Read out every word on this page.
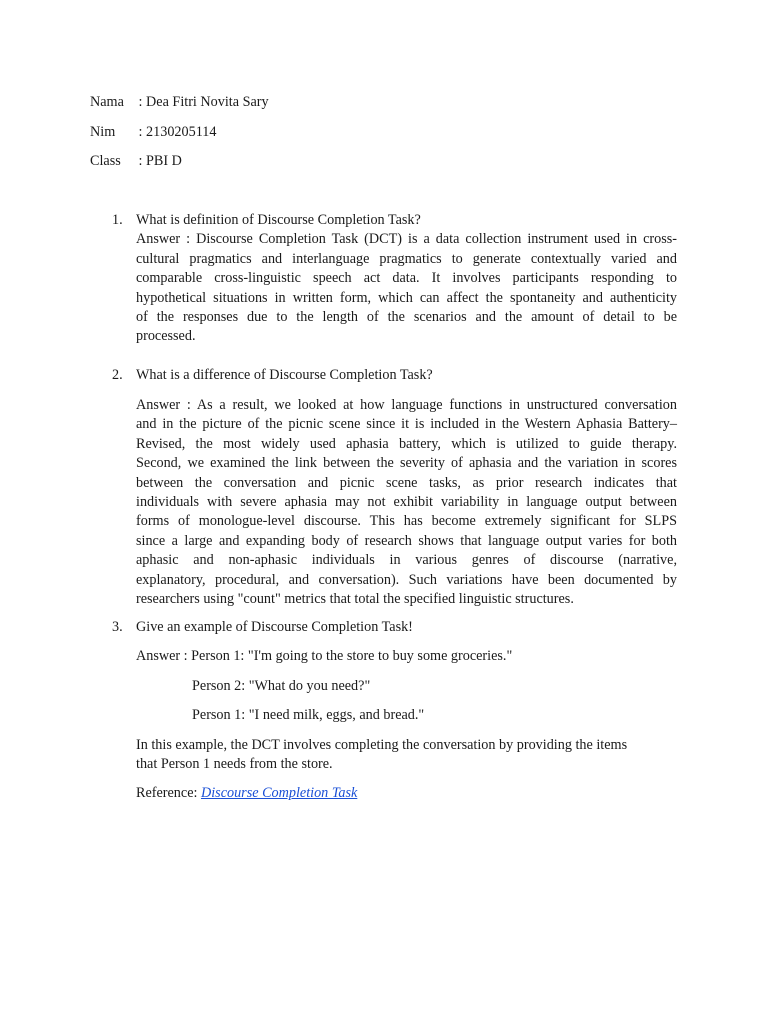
Nama : Dea Fitri Novita Sary
Nim : 2130205114
Class : PBI D
1. What is definition of Discourse Completion Task?
Answer : Discourse Completion Task (DCT) is a data collection instrument used in cross-
cultural pragmatics and interlanguage pragmatics to generate contextually varied and
comparable cross-linguistic speech act data. It involves participants responding to
hypothetical situations in written form, which can affect the spontaneity and authenticity
of the responses due to the length of the scenarios and the amount of detail to be
processed.
2. What is a difference of Discourse Completion Task?
Answer : As a result, we looked at how language functions in unstructured conversation
and in the picture of the picnic scene since it is included in the Western Aphasia Battery–
Revised, the most widely used aphasia battery, which is utilized to guide therapy.
Second, we examined the link between the severity of aphasia and the variation in scores
between the conversation and picnic scene tasks, as prior research indicates that
individuals with severe aphasia may not exhibit variability in language output between
forms of monologue-level discourse. This has become extremely significant for SLPS
since a large and expanding body of research shows that language output varies for both
aphasic and non-aphasic individuals in various genres of discourse (narrative,
explanatory, procedural, and conversation). Such variations have been documented by
researchers using "count" metrics that total the specified linguistic structures.
3. Give an example of Discourse Completion Task!
Answer : Person 1: "I'm going to the store to buy some groceries."
Person 2: "What do you need?"
Person 1: "I need milk, eggs, and bread."
In this example, the DCT involves completing the conversation by providing the items
that Person 1 needs from the store.
Reference: Discourse Completion Task
